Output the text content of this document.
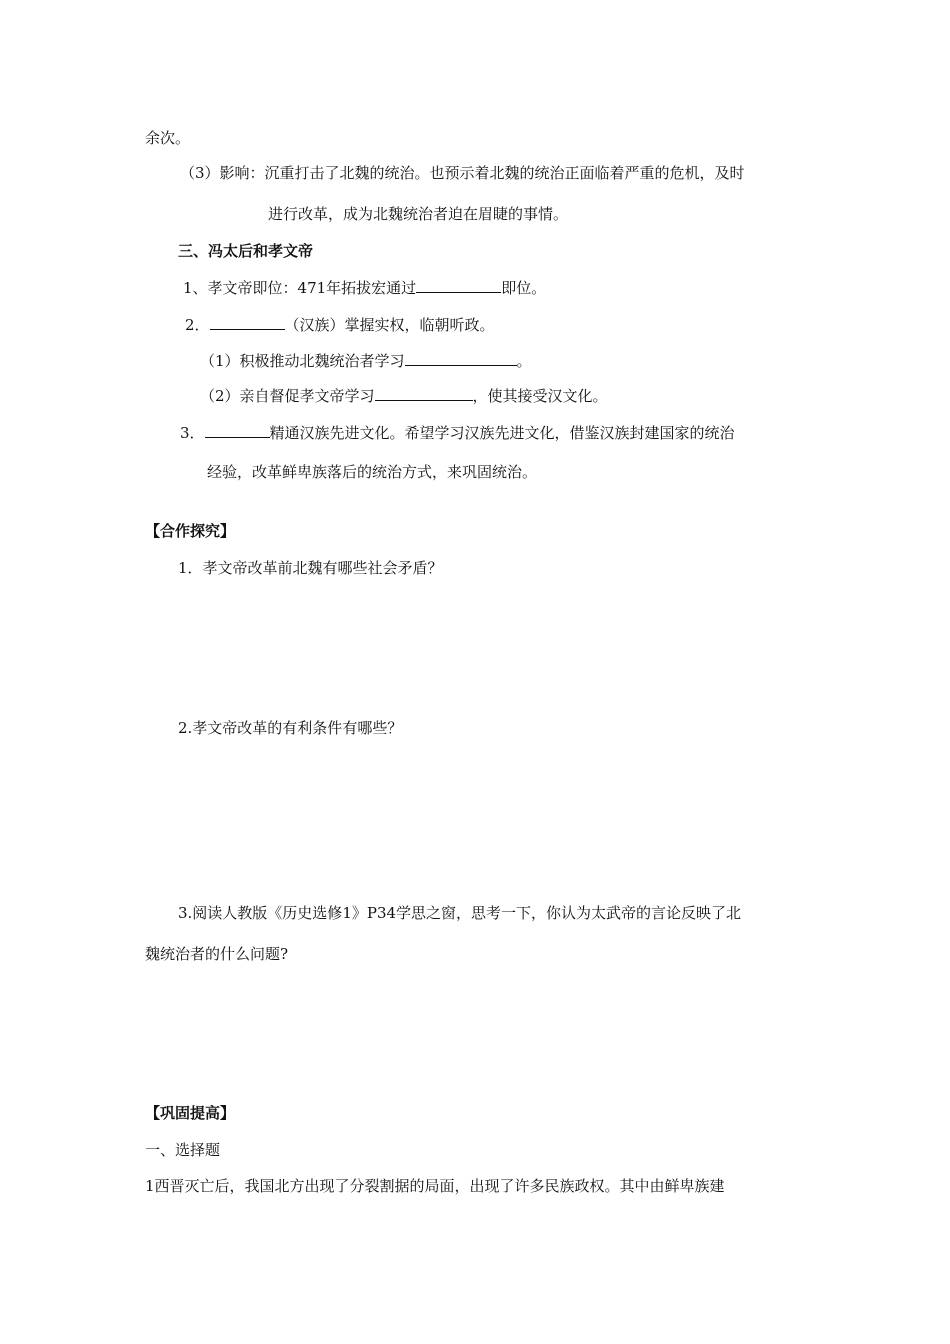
余次。
（3）影响：沉重打击了北魏的统治。也预示着北魏的统治正面临着严重的危机，及时
进行改革，成为北魏统治者迫在眉睫的事情。
三、冯太后和孝文帝
1、孝文帝即位：471年拓拔宏通过	即位。
2．	（汉族）掌握实权，临朝听政。
（1）积极推动北魏统治者学习	。
（2）亲自督促孝文帝学习	，使其接受汉文化。
3．	精通汉族先进文化。希望学习汉族先进文化，借鉴汉族封建国家的统治
经验，改革鲜卑族落后的统治方式，来巩固统治。
【合作探究】
1．孝文帝改革前北魏有哪些社会矛盾？
2.孝文帝改革的有利条件有哪些？
3.阅读人教版《历史选修1》P34学思之窗，思考一下，你认为太武帝的言论反映了北
魏统治者的什么问题?
【巩固提高】
一、选择题
1西晋灭亡后，我国北方出现了分裂割据的局面，出现了许多民族政权。其中由鲜卑族建
